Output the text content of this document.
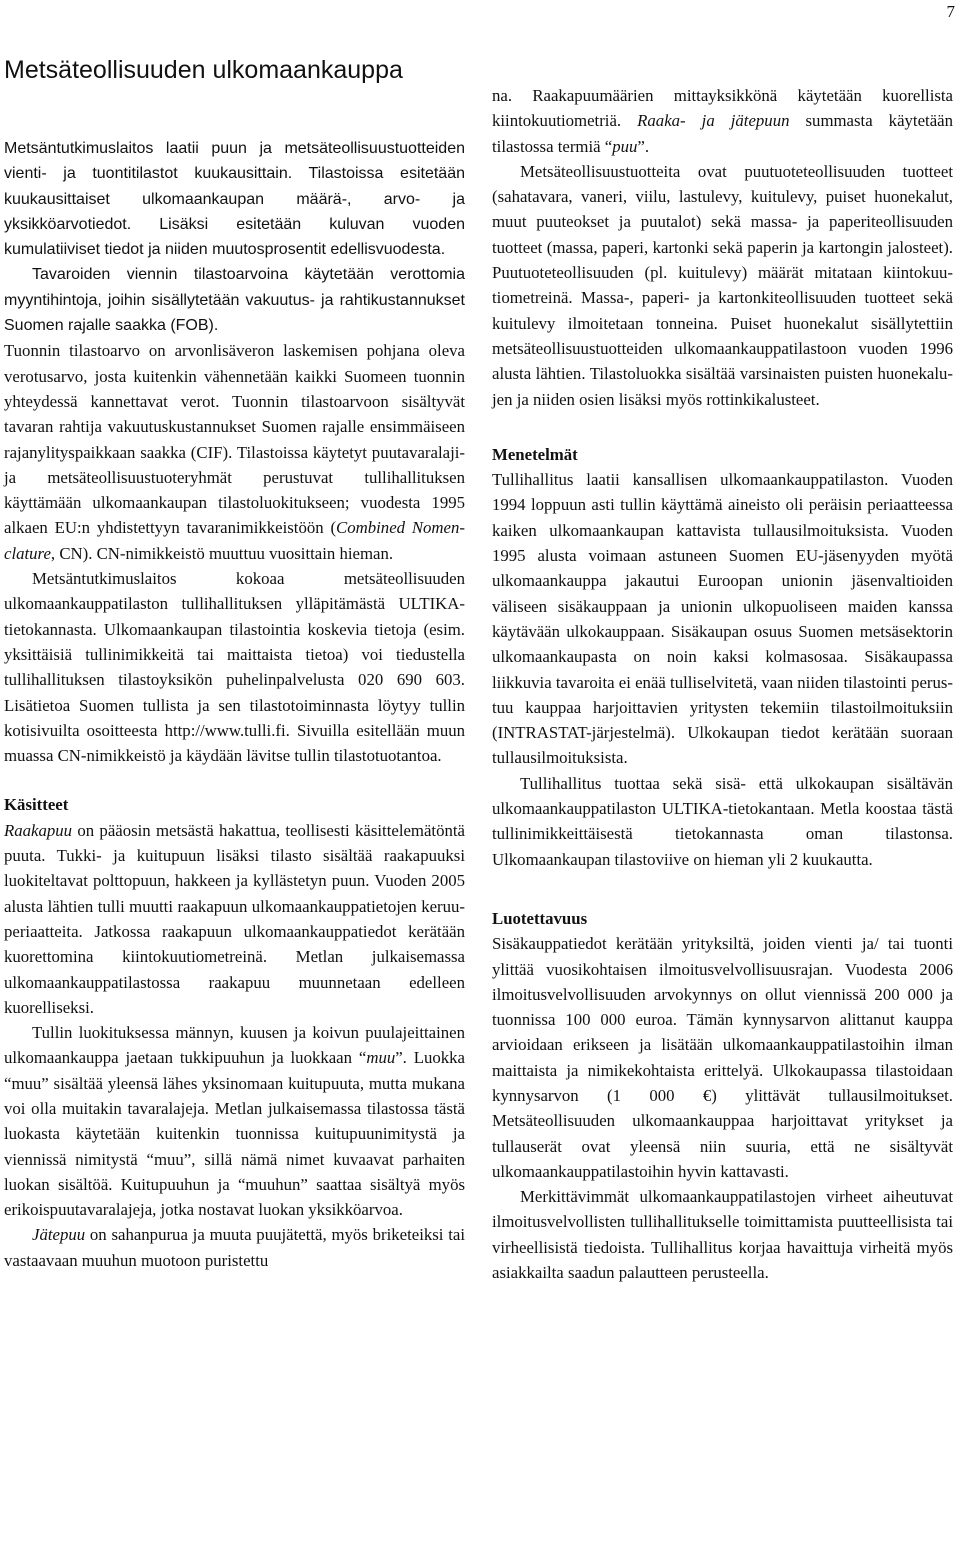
7
Metsäteollisuuden ulkomaankauppa

Metsäntutkimuslaitos laatii puun ja metsäteollisuustuotteiden vienti- ja tuontitilastot kuukausittain. Tilastoissa esitetään kuukausittaiset ulkomaankaupan määrä-, arvo- ja yksikköarvotiedot. Lisäksi esitetään kuluvan vuoden kumulatiiviset tiedot ja niiden muutosprosentit edellisvuodesta.

Tavaroiden viennin tilastoarvoina käytetään verottomia myyntihintoja, joihin sisällytetään vakuutus- ja rahtikustannukset Suomen rajalle saakka (FOB).

Tuonnin tilastoarvo on arvonlisäveron laskemisen pohjana oleva verotusarvo, josta kuitenkin vähennetään kaikki Suomeen tuonnin yhteydessä kannettavat verot. Tuonnin tilastoarvoon sisältyvät tavaran rahtija vakuutuskustannukset Suomen rajalle ensimmäiseen rajanylityspaikkaan saakka (CIF). Tilastoissa käytetyt puutavaralaji- ja metsäteollisuustuoteryhmät perustuvat tullihallituksen käyttämään ulkomaankaupan tilastoluokitukseen; vuodesta 1995 alkaen EU:n yhdistettyyn tavaranimikkeistöön (Combined Nomenclature, CN). CN-nimikkeistö muuttuu vuosittain hieman.

Metsäntutkimuslaitos kokoaa metsäteollisuuden ulkomaankauppatilaston tullihallituksen ylläpitämästä ULTIKA-tietokannasta. Ulkomaankaupan tilastointia koskevia tietoja (esim. yksittäisiä tullinimikkeitä tai maittaista tietoa) voi tiedustella tullihallituksen tilastoyksikön puhelinpalvelusta 020 690 603. Lisätietoa Suomen tullista ja sen tilastotoiminnasta löytyy tullin kotisivuilta osoitteesta http://www.tulli.fi. Sivuilla esitellään muun muassa CN-nimikkeistö ja käydään lävitse tullin tilastotuotantoa.

Käsitteet

Raakapuu on pääosin metsästä hakattua, teollisesti käsittelemätöntä puuta. Tukki- ja kuitupuun lisäksi tilasto sisältää raakapuuksi luokiteltavat polttopuun, hakkeen ja kyllästetyn puun. Vuoden 2005 alusta lähtien tulli muutti raakapuun ulkomaankauppatietojen keruuperiaatteita. Jatkossa raakapuun ulkomaankauppatiedot kerätään kuorettomina kiintokuutiometreinä. Metlan julkaisemassa ulkomaankauppatilastossa raakapuu muunnetaan edelleen kuorelliseksi.

Tullin luokituksessa männyn, kuusen ja koivun puulajeittainen ulkomaankauppa jaetaan tukkipuuhun ja luokkaan “muu”. Luokka “muu” sisältää yleensä lähes yksinomaan kuitupuuta, mutta mukana voi olla muitakin tavaralajeja. Metlan julkaisemassa tilastossa tästä luokasta käytetään kuitenkin tuonnissa kuitupuunimitystä ja viennissä nimitystä “muu”, sillä nämä nimet kuvaavat parhaiten luokan sisältöä. Kuitupuuhun ja “muuhun” saattaa sisältyä myös erikoispuutavaralajeja, jotka nostavat luokan yksikköarvoa.

Jätepuu on sahanpurua ja muuta puujätettä, myös briketeiksi tai vastaavaan muuhun muotoon puristettu

na. Raakapuumäärien mittayksikkönä käytetään kuorellista kiintokuutiometriä. Raaka- ja jätepuun summasta käytetään tilastossa termiä “puu”.

Metsäteollisuustuotteita ovat puutuoteteollisuuden tuotteet (sahatavara, vaneri, viilu, lastulevy, kuitulevy, puiset huonekalut, muut puuteokset ja puutalot) sekä massa- ja paperiteollisuuden tuotteet (massa, paperi, kartonki sekä paperin ja kartongin jalosteet). Puutuoteteollisuuden (pl. kuitulevy) määrät mitataan kiintokuutiometreinä. Massa-, paperi- ja kartonkiteollisuuden tuotteet sekä kuitulevy ilmoitetaan tonneina. Puiset huonekalut sisällytettiin metsäteollisuustuotteiden ulkomaankauppatilastoon vuoden 1996 alusta lähtien. Tilastoluokka sisältää varsinaisten puisten huonekalujen ja niiden osien lisäksi myös rottinkikalusteet.

Menetelmät

Tullihallitus laatii kansallisen ulkomaankauppatilaston. Vuoden 1994 loppuun asti tullin käyttämä aineisto oli peräisin periaatteessa kaiken ulkomaankaupan kattavista tullausilmoituksista. Vuoden 1995 alusta voimaan astuneen Suomen EU-jäsenyyden myötä ulkomaankauppa jakautui Euroopan unionin jäsenvaltioiden väliseen sisäkauppaan ja unionin ulkopuoliseen maiden kanssa käytävään ulkokauppaan. Sisäkaupan osuus Suomen metsäsektorin ulkomaankaupasta on noin kaksi kolmasosaa. Sisäkaupassa liikkuvia tavaroita ei enää tulliselvitetä, vaan niiden tilastointi perustuu kauppaa harjoittavien yritysten tekemiin tilastoilmoituksiin (INTRASTAT-järjestelmä). Ulkokaupan tiedot kerätään suoraan tullausilmoituksista.

Tullihallitus tuottaa sekä sisä- että ulkokaupan sisältävän ulkomaankauppatilaston ULTIKA-tietokantaan. Metla koostaa tästä tullinimikkeittäisestä tietokannasta oman tilastonsa. Ulkomaankaupan tilastoviive on hieman yli 2 kuukautta.

Luotettavuus

Sisäkauppatiedot kerätään yrityksiltä, joiden vienti ja/ tai tuonti ylittää vuosikohtaisen ilmoitusvelvollisuusrajan. Vuodesta 2006 ilmoitusvelvollisuuden arvokynnys on ollut viennissä 200 000 ja tuonnissa 100 000 euroa. Tämän kynnysarvon alittanut kauppa arvioidaan erikseen ja lisätään ulkomaankauppatilastoihin ilman maittaista ja nimikekohtaista erittelyä. Ulkokaupassa tilastoidaan kynnysarvon (1 000 €) ylittävät tullausilmoitukset. Metsäteollisuuden ulkomaankauppaa harjoittavat yritykset ja tullauserät ovat yleensä niin suuria, että ne sisältyvät ulkomaankauppatilastoihin hyvin kattavasti.

Merkittävimmät ulkomaankauppatilastojen virheet aiheutuvat ilmoitusvelvollisten tullihallitukselle toimittamista puutteellisista tai virheellisistä tiedoista. Tullihallitus korjaa havaittuja virheitä myös asiakkailta saadun palautteen perusteella.
